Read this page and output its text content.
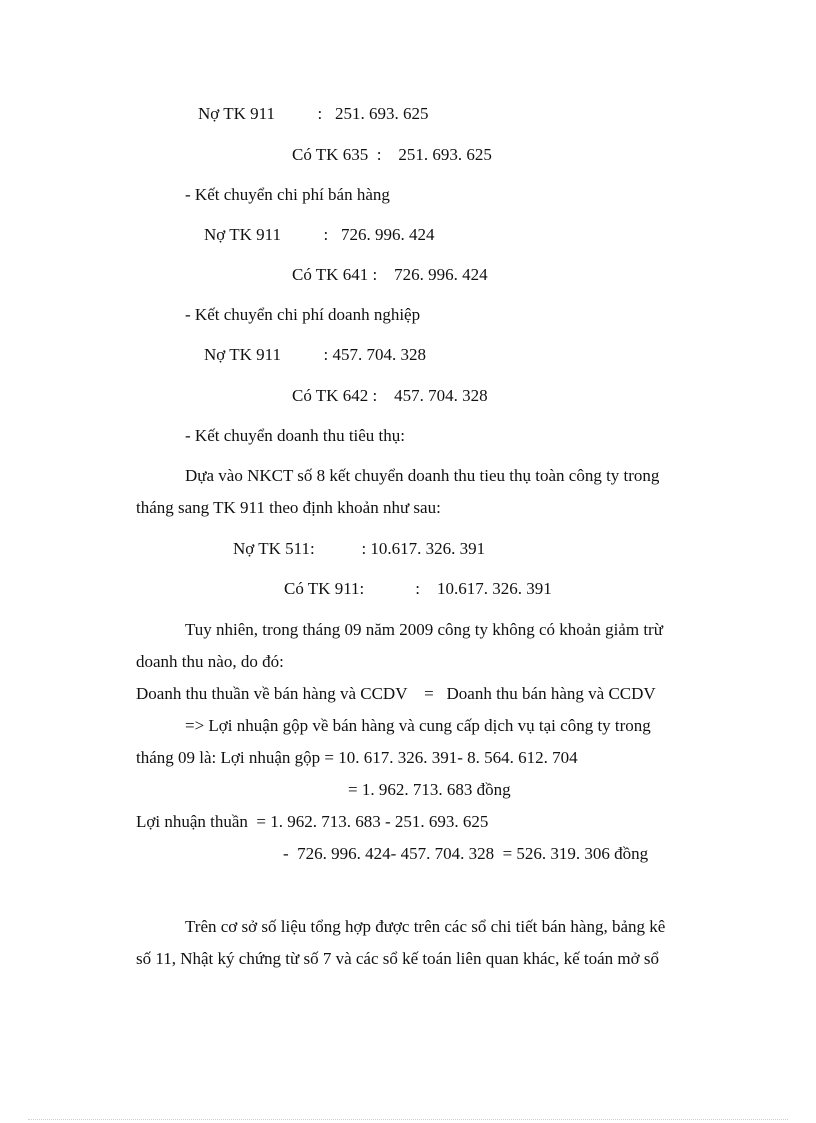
Nợ TK 911          :   251. 693. 625
Có TK 635  :    251. 693. 625
- Kết chuyển chi phí bán hàng
Nợ TK 911          :   726. 996. 424
Có TK 641 :    726. 996. 424
- Kết chuyển chi phí doanh nghiệp
Nợ TK 911          : 457. 704. 328
Có TK 642 :    457. 704. 328
- Kết chuyển doanh thu tiêu thụ:
Dựa vào NKCT số 8 kết chuyển doanh thu tieu thụ toàn công ty trong
tháng sang TK 911 theo định khoản như sau:
Nợ TK 511:           : 10.617. 326. 391
Có TK 911:            :    10.617. 326. 391
Tuy nhiên, trong tháng 09 năm 2009 công ty không có khoản giảm trừ
doanh thu nào, do đó:
Doanh thu thuần về bán hàng và CCDV    =   Doanh thu bán hàng và CCDV
=> Lợi nhuận gộp về bán hàng và cung cấp dịch vụ tại công ty trong
tháng 09 là: Lợi nhuận gộp = 10. 617. 326. 391- 8. 564. 612. 704
= 1. 962. 713. 683 đồng
Lợi nhuận thuần  = 1. 962. 713. 683 - 251. 693. 625
-  726. 996. 424- 457. 704. 328  = 526. 319. 306 đồng
Trên cơ sở số liệu tổng hợp được trên các sổ chi tiết bán hàng, bảng kê
số 11, Nhật ký chứng từ số 7 và các sổ kế toán liên quan khác, kế toán mở sổ
